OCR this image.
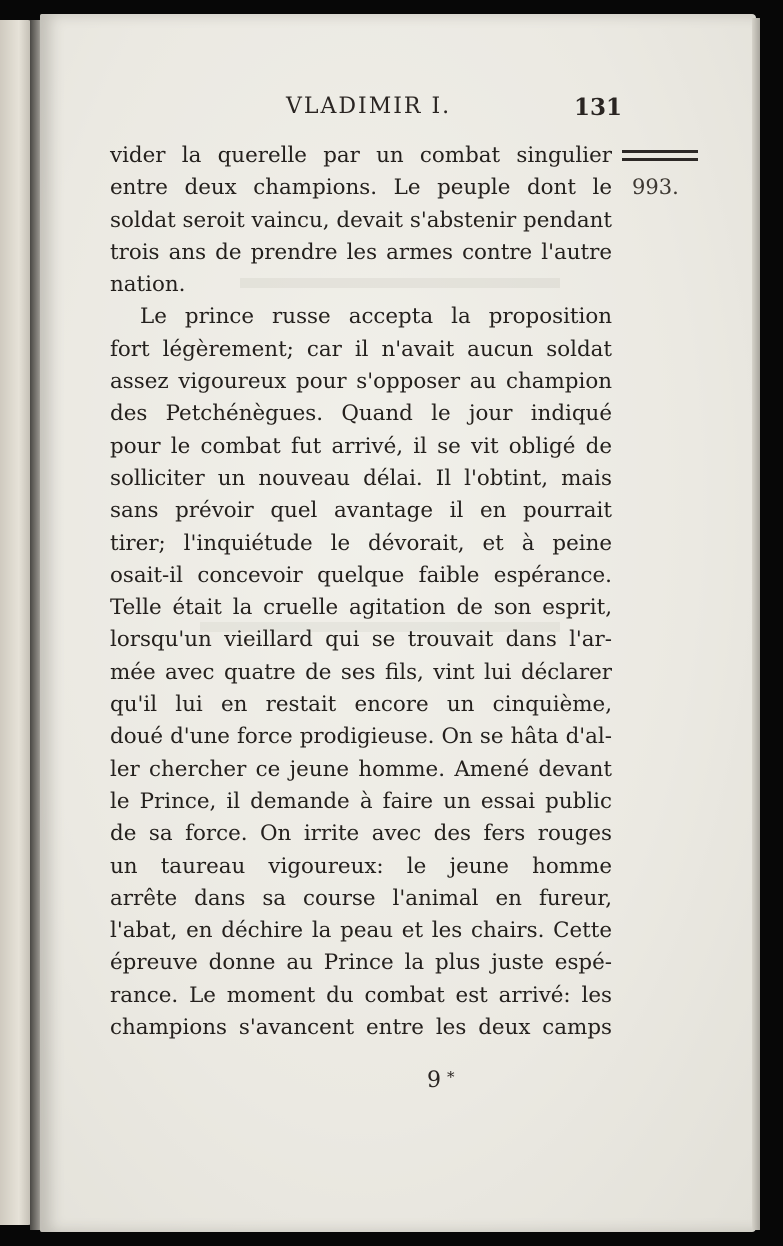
VLADIMIR I.	131
993.
vider la querelle par un combat singulier
entre deux champions. Le peuple dont le
soldat seroit vaincu, devait s'abstenir pendant
trois ans de prendre les armes contre l'autre
nation.
Le prince russe accepta la proposition
fort légèrement; car il n'avait aucun soldat
assez vigoureux pour s'opposer au champion
des Petchénègues. Quand le jour indiqué
pour le combat fut arrivé, il se vit obligé de
solliciter un nouveau délai. Il l'obtint, mais
sans prévoir quel avantage il en pourrait
tirer; l'inquiétude le dévorait, et à peine
osait-il concevoir quelque faible espérance.
Telle était la cruelle agitation de son esprit,
lorsqu'un vieillard qui se trouvait dans l'ar-
mée avec quatre de ses fils, vint lui déclarer
qu'il lui en restait encore un cinquième,
doué d'une force prodigieuse. On se hâta d'al-
ler chercher ce jeune homme. Amené devant
le Prince, il demande à faire un essai public
de sa force. On irrite avec des fers rouges
un taureau vigoureux: le jeune homme
arrête dans sa course l'animal en fureur,
l'abat, en déchire la peau et les chairs. Cette
épreuve donne au Prince la plus juste espé-
rance. Le moment du combat est arrivé: les
champions s'avancent entre les deux camps
9 *
